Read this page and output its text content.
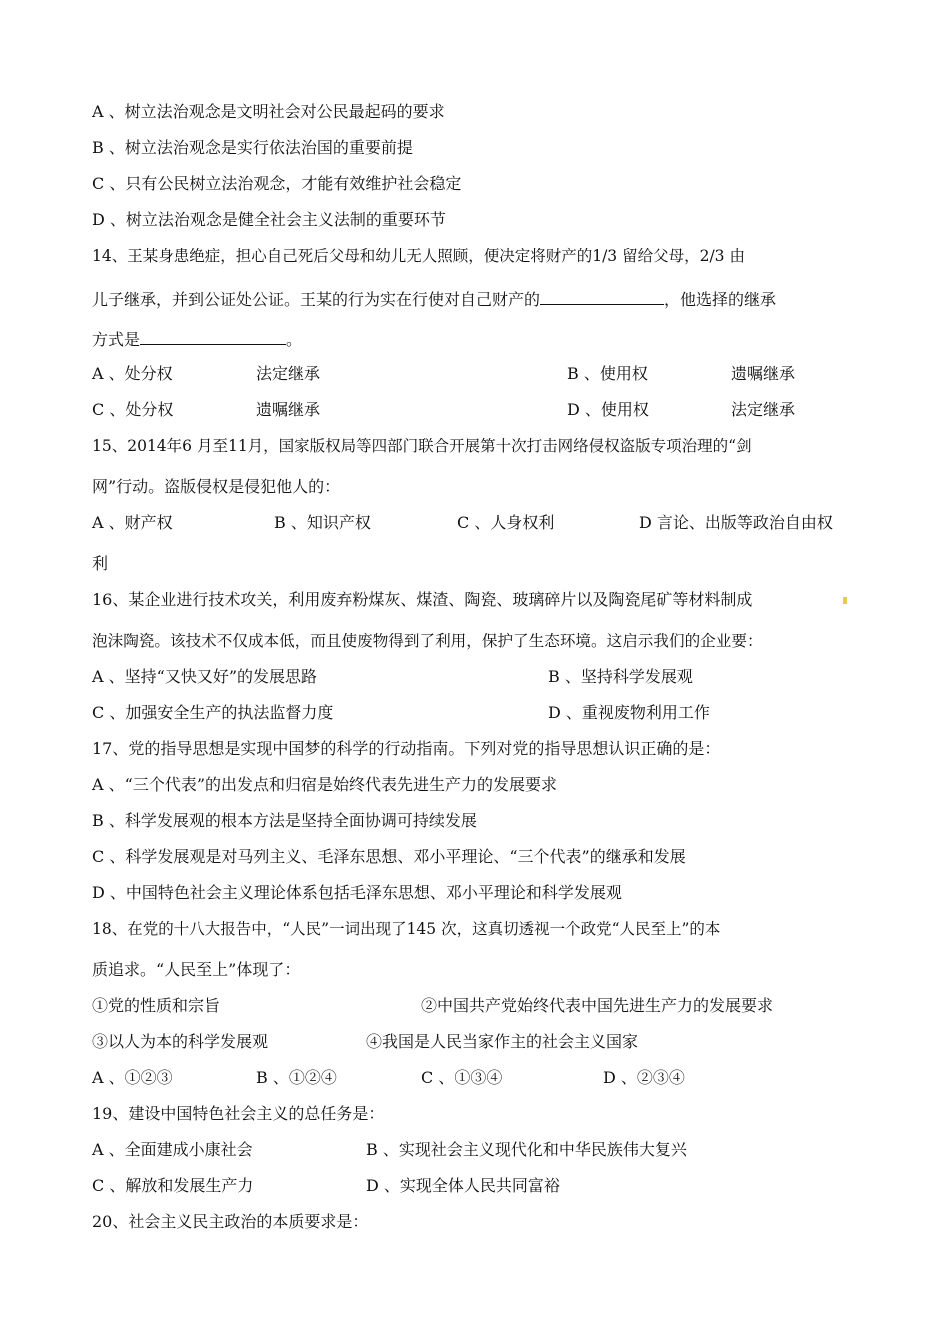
A 、树立法治观念是文明社会对公民最起码的要求
B 、树立法治观念是实行依法治国的重要前提
C 、只有公民树立法治观念，才能有效维护社会稳定
D 、树立法治观念是健全社会主义法制的重要环节
14、王某身患绝症，担心自己死后父母和幼儿无人照顾，便决定将财产的1/3 留给父母，2/3 由
儿子继承，并到公证处公证。王某的行为实在行使对自己财产的	，他选择的继承
方式是	。
A 、处分权	法定继承	B 、使用权	遗嘱继承
C 、处分权	遗嘱继承	D 、使用权	法定继承
15、2014年6 月至11月，国家版权局等四部门联合开展第十次打击网络侵权盗版专项治理的“剑
网”行动。盗版侵权是侵犯他人的：
A 、财产权	B 、知识产权	C 、人身权利	D 言论、出版等政治自由权
利
16、某企业进行技术攻关，利用废弃粉煤灰、煤渣、陶瓷、玻璃碎片以及陶瓷尾矿等材料制成
泡沫陶瓷。该技术不仅成本低，而且使废物得到了利用，保护了生态环境。这启示我们的企业要：
A 、坚持“又快又好”的发展思路	B 、坚持科学发展观
C 、加强安全生产的执法监督力度	D 、重视废物利用工作
17、党的指导思想是实现中国梦的科学的行动指南。下列对党的指导思想认识正确的是：
A 、“三个代表”的出发点和归宿是始终代表先进生产力的发展要求
B 、科学发展观的根本方法是坚持全面协调可持续发展
C 、科学发展观是对马列主义、毛泽东思想、邓小平理论、“三个代表”的继承和发展
D 、中国特色社会主义理论体系包括毛泽东思想、邓小平理论和科学发展观
18、在党的十八大报告中，“人民”一词出现了145 次，这真切透视一个政党“人民至上”的本
质追求。“人民至上”体现了：
①党的性质和宗旨	②中国共产党始终代表中国先进生产力的发展要求
③以人为本的科学发展观	④我国是人民当家作主的社会主义国家
A 、①②③	B 、①②④	C 、①③④	D 、②③④
19、建设中国特色社会主义的总任务是：
A 、全面建成小康社会	B 、实现社会主义现代化和中华民族伟大复兴
C 、解放和发展生产力	D 、实现全体人民共同富裕
20、社会主义民主政治的本质要求是：
